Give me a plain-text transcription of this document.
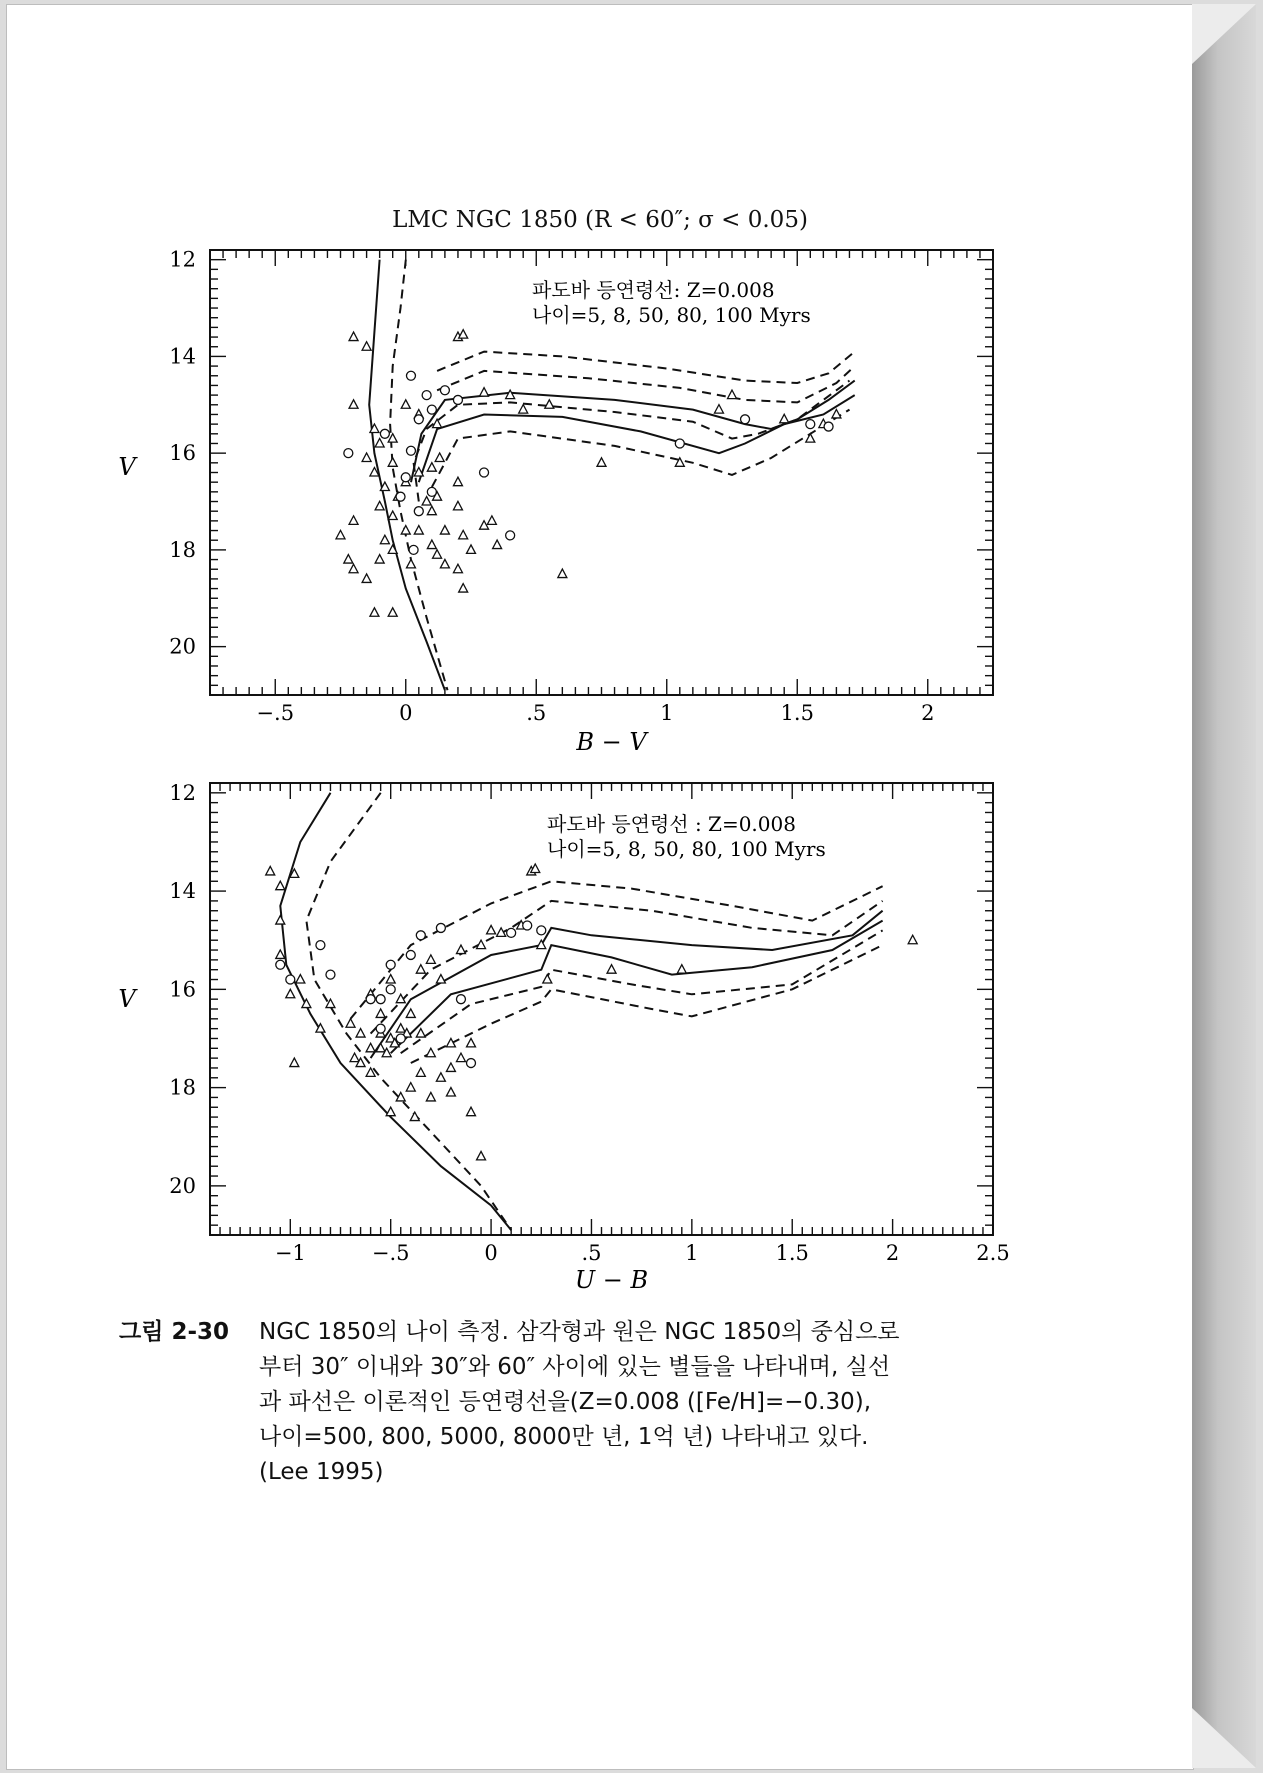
LMC NGC 1850 (R < 60″; σ < 0.05)
−.5	0	.5	1	1.5	2
12
14
16
18
20
B − V
V
파도바 등연령선: Z=0.008
나이=5, 8, 50, 80, 100 Myrs
−1	−.5	0	.5	1	1.5	2	2.5
12
14
16
18
20
U − B
V
파도바 등연령선 : Z=0.008
나이=5, 8, 50, 80, 100 Myrs
그림 2-30 NGC 1850의 나이 측정. 삼각형과 원은 NGC 1850의 중심으로
부터 30″ 이내와 30″와 60″ 사이에 있는 별들을 나타내며, 실선
과 파선은 이론적인 등연령선을(Z=0.008 ([Fe/H]=−0.30),
나이=500, 800, 5000, 8000만 년, 1억 년) 나타내고 있다.
(Lee 1995)
